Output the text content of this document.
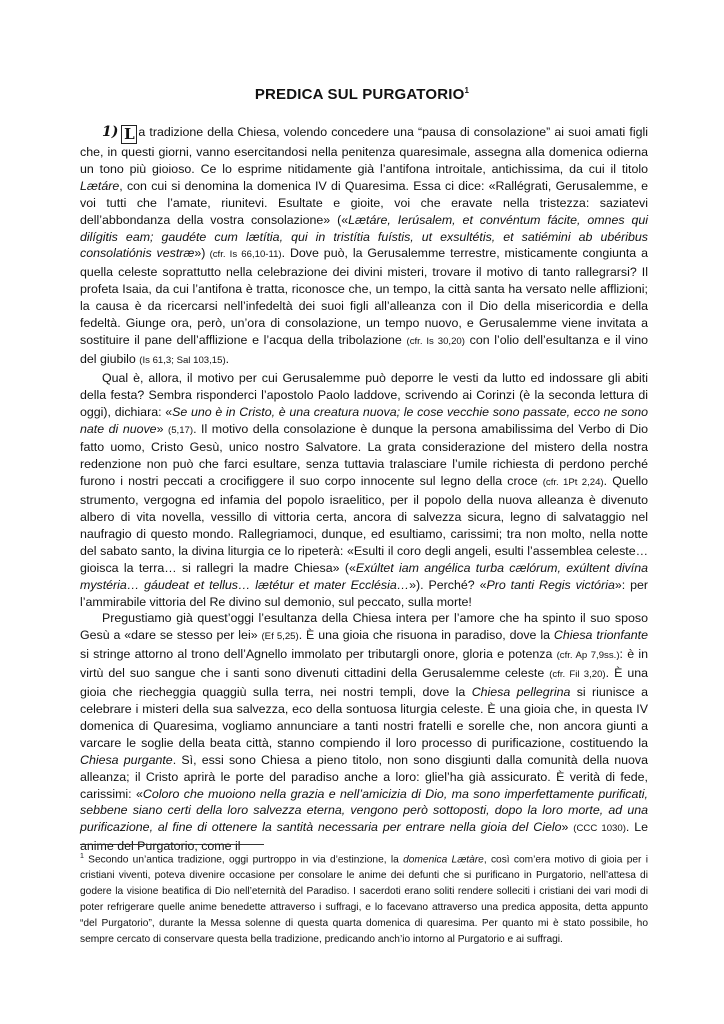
PREDICA SUL PURGATORIO$^1$

1) L a tradizione della Chiesa, volendo concedere una “pausa di consolazione” ai suoi amati figli che, in questi giorni, vanno esercitandosi nella penitenza quaresimale, assegna alla domenica odierna un tono più gioioso. Ce lo esprime nitidamente già l’antifona introitale, antichissima, da cui il titolo Lætáre, con cui si denomina la domenica IV di Quaresima. Essa ci dice: «Rallégrati, Gerusalemme, e voi tutti che l’amate, riunitevi. Esultate e gioite, voi che eravate nella tristezza: saziatevi dell’abbondanza della vostra consolazione» («Lætáre, Ierúsalem, et convéntum fácite, omnes qui dilígitis eam; gaudéte cum lætítia, qui in tristítia fuístis, ut exsultétis, et satiémini ab ubéribus consolatiónis vestræ») (cfr. Is 66,10-11). Dove può, la Gerusalemme terrestre, misticamente congiunta a quella celeste soprattutto nella celebrazione dei divini misteri, trovare il motivo di tanto rallegrarsi? Il profeta Isaia, da cui l’antifona è tratta, riconosce che, un tempo, la città santa ha versato nelle afflizioni; la causa è da ricercarsi nell’infedeltà dei suoi figli all’alleanza con il Dio della misericordia e della fedeltà. Giunge ora, però, un’ora di consolazione, un tempo nuovo, e Gerusalemme viene invitata a sostituire il pane dell’afflizione e l’acqua della tribolazione (cfr. Is 30,20) con l’olio dell’esultanza e il vino del giubilo (Is 61,3; Sal 103,15).

Qual è, allora, il motivo per cui Gerusalemme può deporre le vesti da lutto ed indossare gli abiti della festa? Sembra risponderci l’apostolo Paolo laddove, scrivendo ai Corinzi (è la seconda lettura di oggi), dichiara: «Se uno è in Cristo, è una creatura nuova; le cose vecchie sono passate, ecco ne sono nate di nuove» (5,17). Il motivo della consolazione è dunque la persona amabilissima del Verbo di Dio fatto uomo, Cristo Gesù, unico nostro Salvatore. La grata considerazione del mistero della nostra redenzione non può che farci esultare, senza tuttavia tralasciare l’umile richiesta di perdono perché furono i nostri peccati a crocifiggere il suo corpo innocente sul legno della croce (cfr. 1Pt 2,24). Quello strumento, vergogna ed infamia del popolo israelitico, per il popolo della nuova alleanza è divenuto albero di vita novella, vessillo di vittoria certa, ancora di salvezza sicura, legno di salvataggio nel naufragio di questo mondo. Rallegriamoci, dunque, ed esultiamo, carissimi; tra non molto, nella notte del sabato santo, la divina liturgia ce lo ripeterà: «Esulti il coro degli angeli, esulti l’assemblea celeste… gioisca la terra… si rallegri la madre Chiesa» («Exúltet iam angélica turba cælórum, exúltent divína mystéria… gáudeat et tellus… lætétur et mater Ecclésia…»). Perché? «Pro tanti Regis victória»: per l’ammirabile vittoria del Re divino sul demonio, sul peccato, sulla morte!

Pregustiamo già quest’oggi l’esultanza della Chiesa intera per l’amore che ha spinto il suo sposo Gesù a «dare se stesso per lei» (Ef 5,25). È una gioia che risuona in paradiso, dove la Chiesa trionfante si stringe attorno al trono dell’Agnello immolato per tributargli onore, gloria e potenza (cfr. Ap 7,9ss.): è in virtù del suo sangue che i santi sono divenuti cittadini della Gerusalemme celeste (cfr. Fil 3,20). È una gioia che riecheggia quaggiù sulla terra, nei nostri templi, dove la Chiesa pellegrina si riunisce a celebrare i misteri della sua salvezza, eco della sontuosa liturgia celeste. È una gioia che, in questa IV domenica di Quaresima, vogliamo annunciare a tanti nostri fratelli e sorelle che, non ancora giunti a varcare le soglie della beata città, stanno compiendo il loro processo di purificazione, costituendo la Chiesa purgante. Sì, essi sono Chiesa a pieno titolo, non sono disgiunti dalla comunità della nuova alleanza; il Cristo aprirà le porte del paradiso anche a loro: gliel’ha già assicurato. È verità di fede, carissimi: «Coloro che muoiono nella grazia e nell’amicizia di Dio, ma sono imperfettamente purificati, sebbene siano certi della loro salvezza eterna, vengono però sottoposti, dopo la loro morte, ad una purificazione, al fine di ottenere la santità necessaria per entrare nella gioia del Cielo» (CCC 1030). Le anime del Purgatorio, come il

$^1$ Secondo un’antica tradizione, oggi purtroppo in via d’estinzione, la domenica Lætàre, così com’era motivo di gioia per i cristiani viventi, poteva divenire occasione per consolare le anime dei defunti che si purificano in Purgatorio, nell’attesa di godere la visione beatifica di Dio nell’eternità del Paradiso. I sacerdoti erano soliti rendere solleciti i cristiani dei vari modi di poter refrigerare quelle anime benedette attraverso i suffragi, e lo facevano attraverso una predica apposita, detta appunto “del Purgatorio”, durante la Messa solenne di questa quarta domenica di quaresima. Per quanto mi è stato possibile, ho sempre cercato di conservare questa bella tradizione, predicando anch’io intorno al Purgatorio e ai suffragi.
